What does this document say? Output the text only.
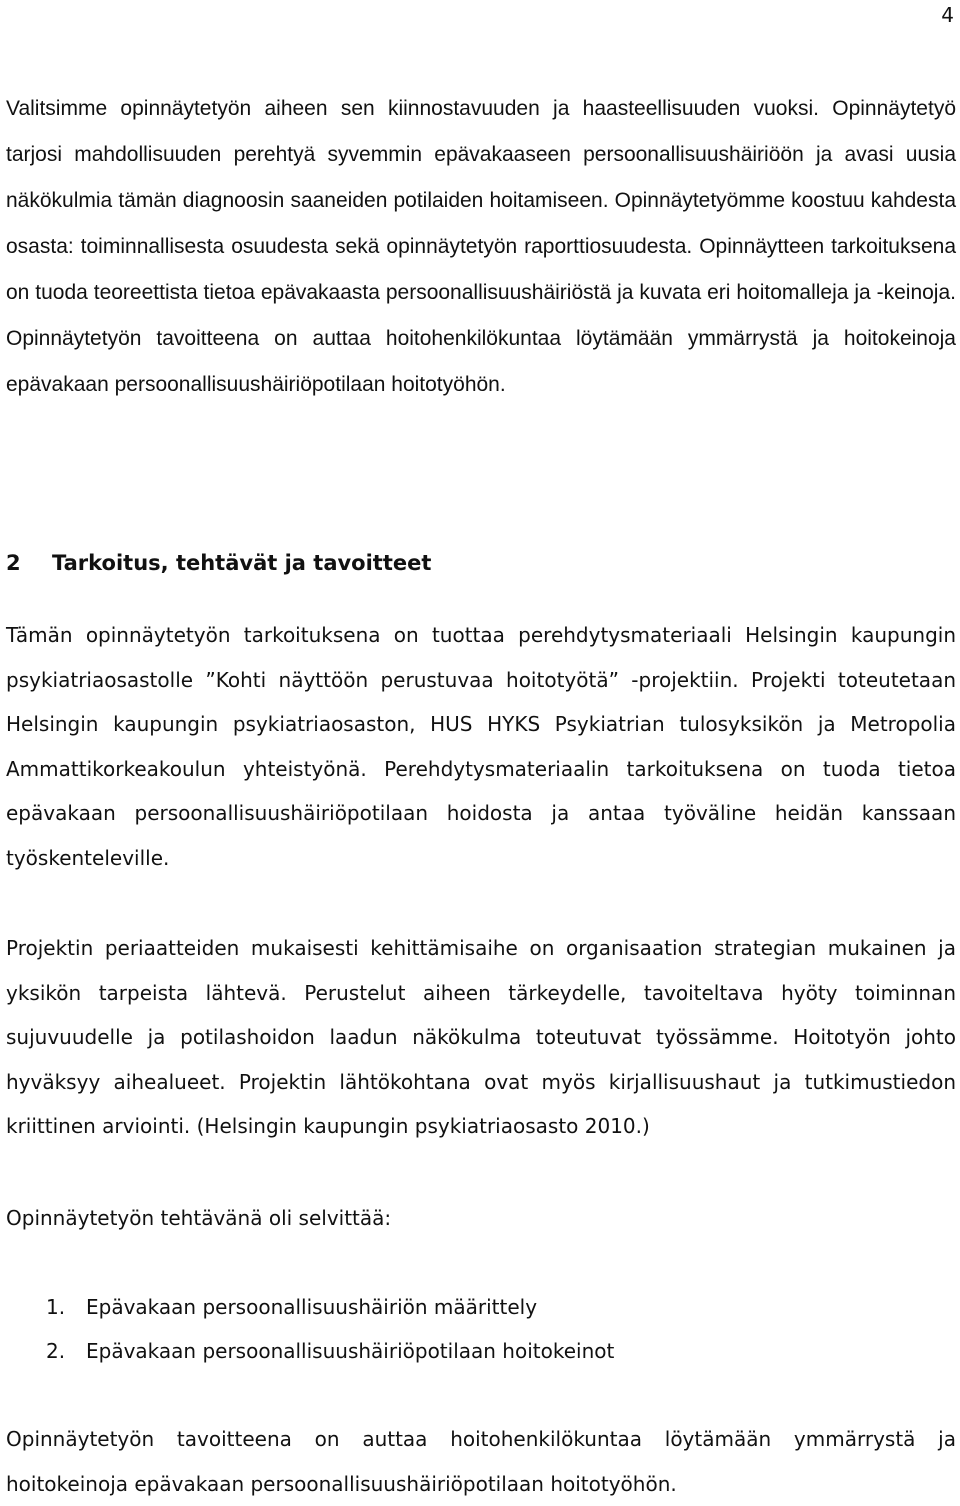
4

Valitsimme opinnäytetyön aiheen sen kiinnostavuuden ja haasteellisuuden vuoksi. Opinnäytetyö tarjosi mahdollisuuden perehtyä syvemmin epävakaaseen persoonallisuushäiriöön ja avasi uusia näkökulmia tämän diagnoosin saaneiden potilaiden hoitamiseen. Opinnäytetyömme koostuu kahdesta osasta: toiminnallisesta osuudesta sekä opinnäytetyön raporttiosuudesta. Opinnäytteen tarkoituksena on tuoda teoreettista tietoa epävakaasta persoonallisuushäiriöstä ja kuvata eri hoitomalleja ja -keinoja. Opinnäytetyön tavoitteena on auttaa hoitohenkilökuntaa löytämään ymmärrystä ja hoitokeinoja epävakaan persoonallisuushäiriöpotilaan hoitotyöhön.

2 Tarkoitus, tehtävät ja tavoitteet

Tämän opinnäytetyön tarkoituksena on tuottaa perehdytysmateriaali Helsingin kaupungin psykiatriaosastolle ”Kohti näyttöön perustuvaa hoitotyötä” -projektiin. Projekti toteutetaan Helsingin kaupungin psykiatriaosaston, HUS HYKS Psykiatrian tulosyksikön ja Metropolia Ammattikorkeakoulun yhteistyönä. Perehdytysmateriaalin tarkoituksena on tuoda tietoa epävakaan persoonallisuushäiriöpotilaan hoidosta ja antaa työväline heidän kanssaan työskenteleville.

Projektin periaatteiden mukaisesti kehittämisaihe on organisaation strategian mukainen ja yksikön tarpeista lähtevä. Perustelut aiheen tärkeydelle, tavoiteltava hyöty toiminnan sujuvuudelle ja potilashoidon laadun näkökulma toteutuvat työssämme. Hoitotyön johto hyväksyy aihealueet. Projektin lähtökohtana ovat myös kirjallisuushaut ja tutkimustiedon kriittinen arviointi. (Helsingin kaupungin psykiatriaosasto 2010.)

Opinnäytetyön tehtävänä oli selvittää:

1. Epävakaan persoonallisuushäiriön määrittely
2. Epävakaan persoonallisuushäiriöpotilaan hoitokeinot

Opinnäytetyön tavoitteena on auttaa hoitohenkilökuntaa löytämään ymmärrystä ja hoitokeinoja epävakaan persoonallisuushäiriöpotilaan hoitotyöhön.
